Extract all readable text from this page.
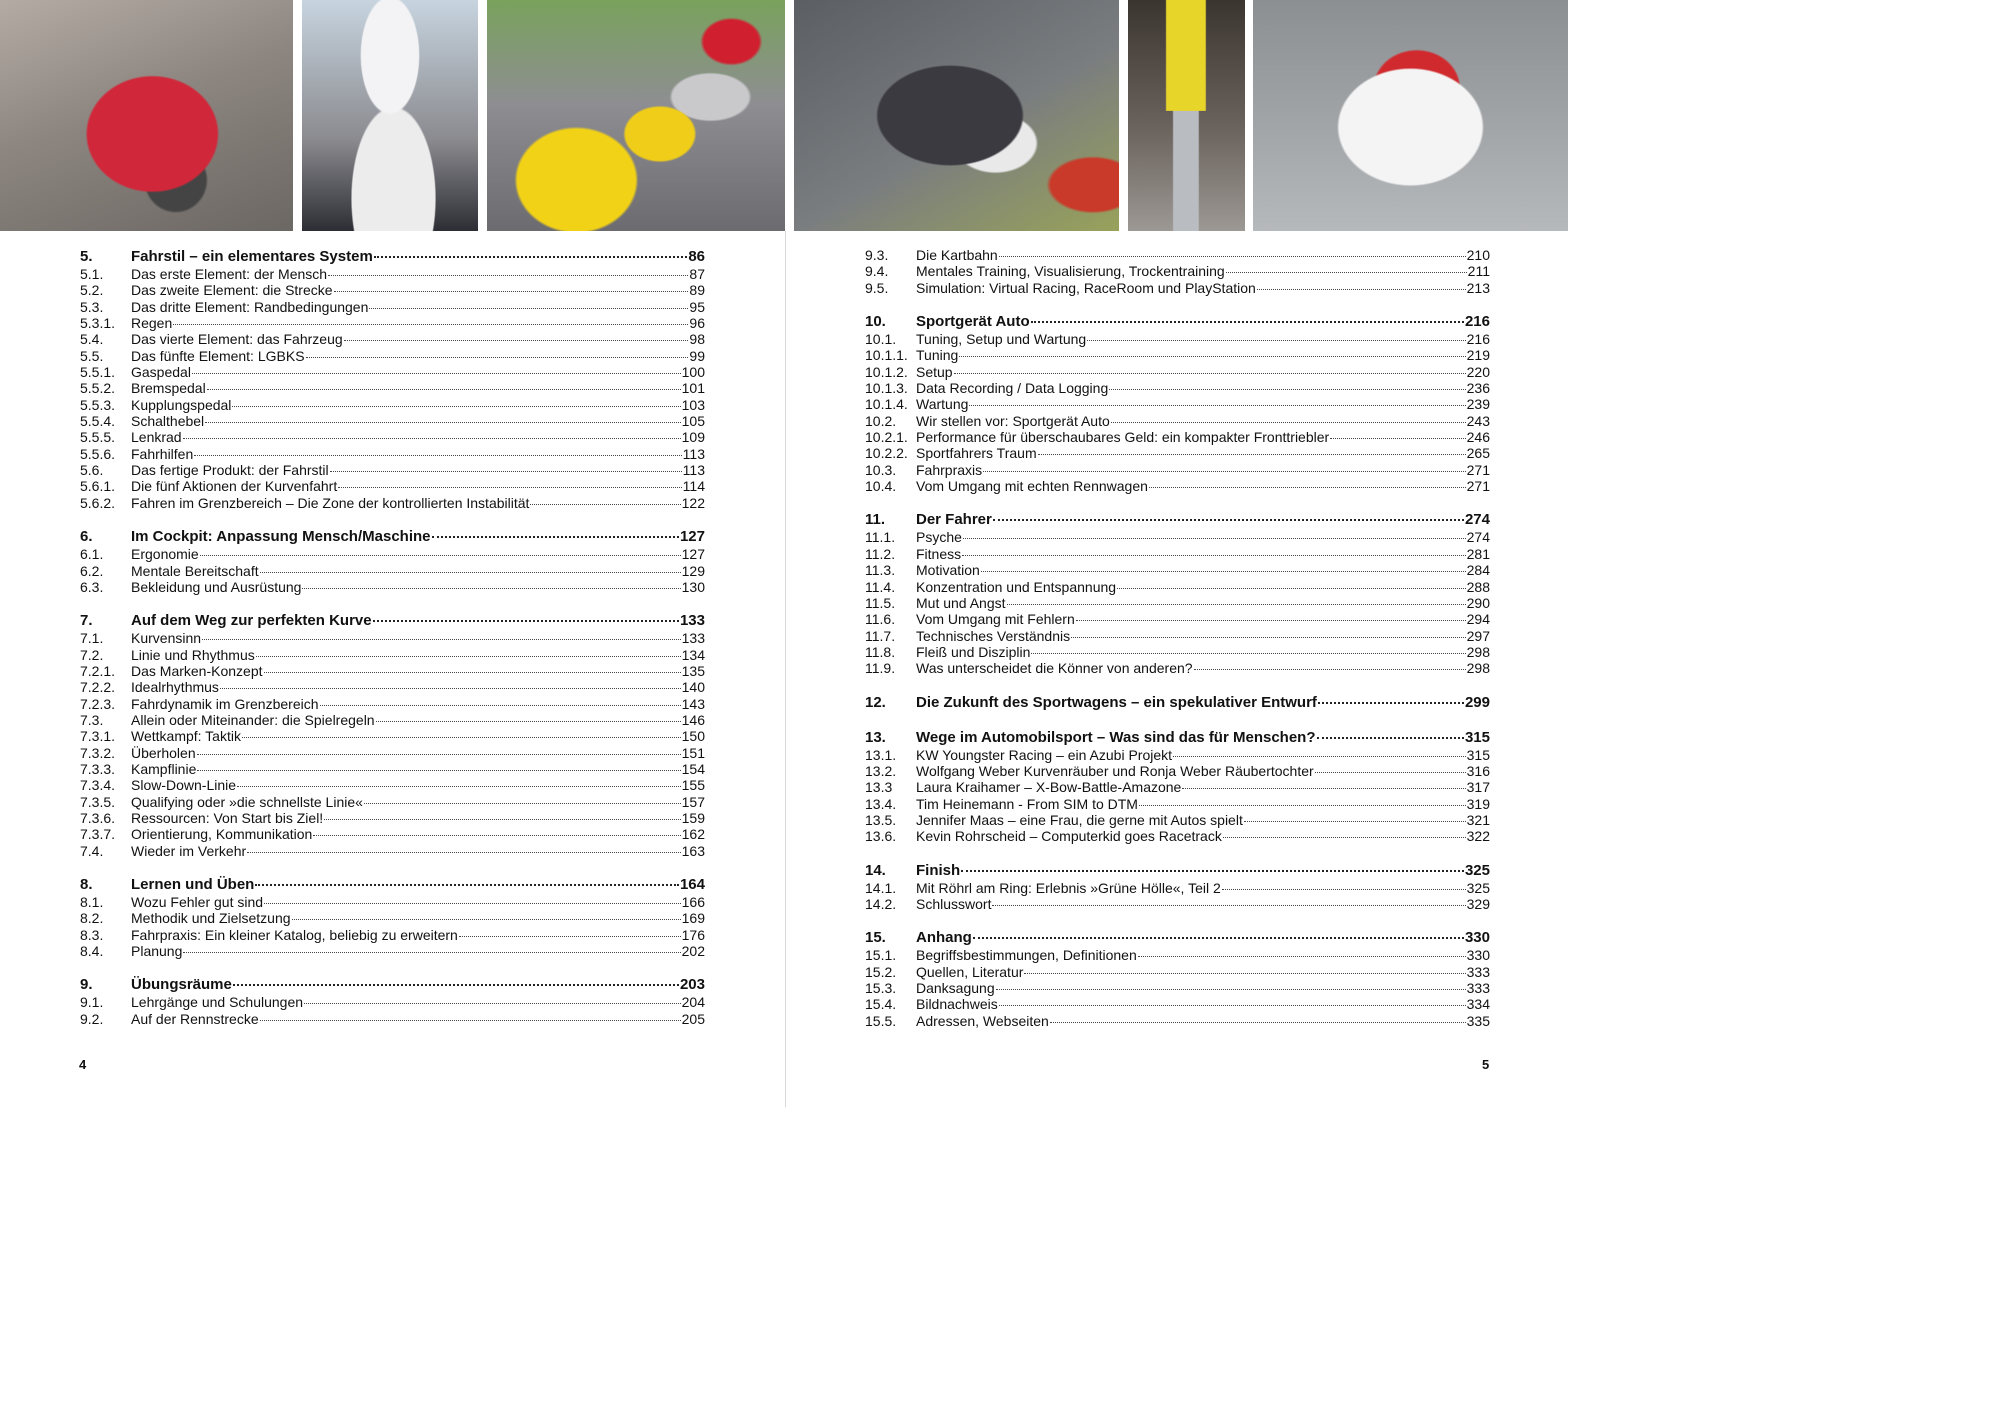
5.	Fahrstil – ein elementares System	86
5.1.	Das erste Element: der Mensch	87
5.2.	Das zweite Element: die Strecke	89
5.3.	Das dritte Element: Randbedingungen	95
5.3.1.	Regen	96
5.4.	Das vierte Element: das Fahrzeug	98
5.5.	Das fünfte Element: LGBKS	99
5.5.1.	Gaspedal	100
5.5.2.	Bremspedal	101
5.5.3.	Kupplungspedal	103
5.5.4.	Schalthebel	105
5.5.5.	Lenkrad	109
5.5.6.	Fahrhilfen	113
5.6.	Das fertige Produkt: der Fahrstil	113
5.6.1.	Die fünf Aktionen der Kurvenfahrt	114
5.6.2.	Fahren im Grenzbereich – Die Zone der kontrollierten Instabilität	122
6.	Im Cockpit: Anpassung Mensch/Maschine	127
6.1.	Ergonomie	127
6.2.	Mentale Bereitschaft	129
6.3.	Bekleidung und Ausrüstung	130
7.	Auf dem Weg zur perfekten Kurve	133
7.1.	Kurvensinn	133
7.2.	Linie und Rhythmus	134
7.2.1.	Das Marken-Konzept	135
7.2.2.	Idealrhythmus	140
7.2.3.	Fahrdynamik im Grenzbereich	143
7.3.	Allein oder Miteinander: die Spielregeln	146
7.3.1.	Wettkampf: Taktik	150
7.3.2.	Überholen	151
7.3.3.	Kampflinie	154
7.3.4.	Slow-Down-Linie	155
7.3.5.	Qualifying oder »die schnellste Linie«	157
7.3.6.	Ressourcen: Von Start bis Ziel!	159
7.3.7.	Orientierung, Kommunikation	162
7.4.	Wieder im Verkehr	163
8.	Lernen und Üben	164
8.1.	Wozu Fehler gut sind	166
8.2.	Methodik und Zielsetzung	169
8.3.	Fahrpraxis: Ein kleiner Katalog, beliebig zu erweitern	176
8.4.	Planung	202
9.	Übungsräume	203
9.1.	Lehrgänge und Schulungen	204
9.2.	Auf der Rennstrecke	205
9.3.	Die Kartbahn	210
9.4.	Mentales Training, Visualisierung, Trockentraining	211
9.5.	Simulation: Virtual Racing, RaceRoom und PlayStation	213
10.	Sportgerät Auto	216
10.1.	Tuning, Setup und Wartung	216
10.1.1. Tuning	219
10.1.2. Setup	220
10.1.3. Data Recording / Data Logging	236
10.1.4. Wartung	239
10.2.	Wir stellen vor: Sportgerät Auto	243
10.2.1. Performance für überschaubares Geld: ein kompakter Fronttriebler	246
10.2.2. Sportfahrers Traum	265
10.3.	Fahrpraxis	271
10.4.	Vom Umgang mit echten Rennwagen	271
11.	Der Fahrer	274
11.1.	Psyche	274
11.2.	Fitness	281
11.3.	Motivation	284
11.4.	Konzentration und Entspannung	288
11.5.	Mut und Angst	290
11.6.	Vom Umgang mit Fehlern	294
11.7.	Technisches Verständnis	297
11.8.	Fleiß und Disziplin	298
11.9.	Was unterscheidet die Könner von anderen?	298
12.	Die Zukunft des Sportwagens – ein spekulativer Entwurf	299
13.	Wege im Automobilsport – Was sind das für Menschen?	315
13.1.	KW Youngster Racing – ein Azubi Projekt	315
13.2.	Wolfgang Weber Kurvenräuber und Ronja Weber Räubertochter	316
13.3	Laura Kraihamer – X-Bow-Battle-Amazone	317
13.4.	Tim Heinemann - From SIM to DTM	319
13.5.	Jennifer Maas – eine Frau, die gerne mit Autos spielt	321
13.6.	Kevin Rohrscheid – Computerkid goes Racetrack	322
14.	Finish	325
14.1.	Mit Röhrl am Ring: Erlebnis »Grüne Hölle«, Teil 2	325
14.2.	Schlusswort	329
15.	Anhang	330
15.1.	Begriffsbestimmungen, Definitionen	330
15.2.	Quellen, Literatur	333
15.3.	Danksagung	333
15.4.	Bildnachweis	334
15.5.	Adressen, Webseiten	335
4	5
